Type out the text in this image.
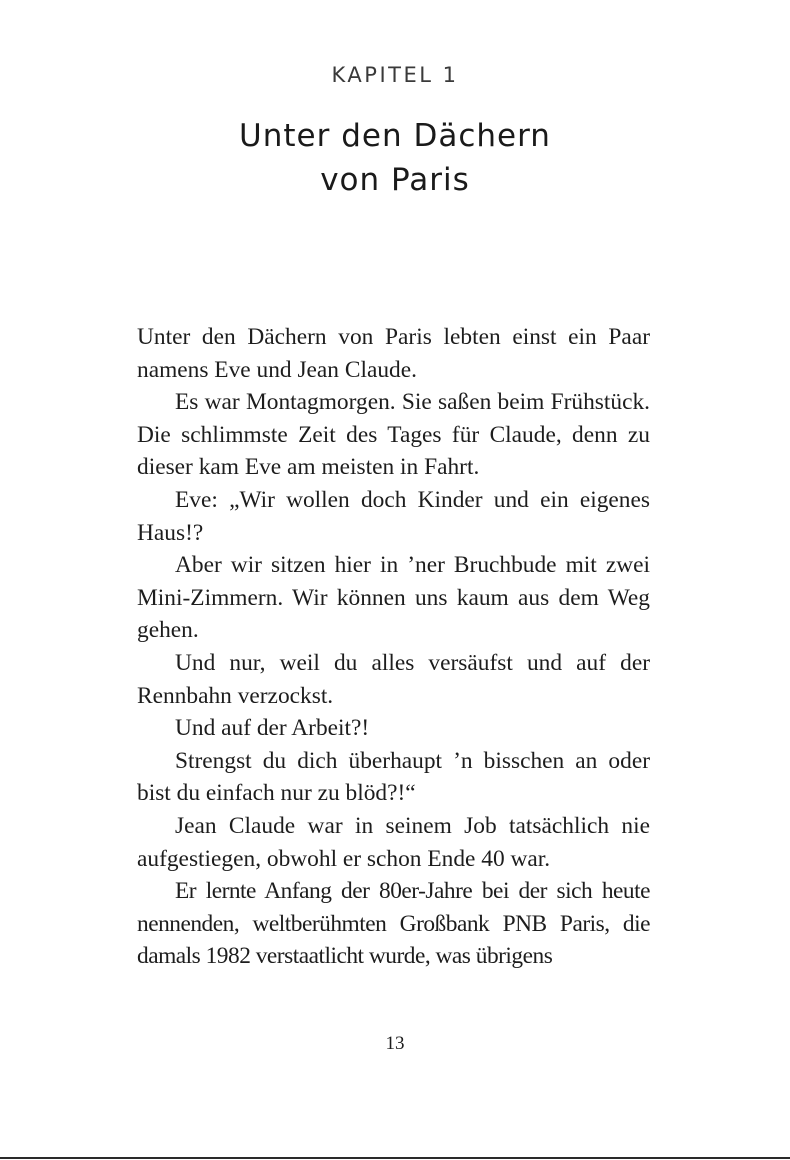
KAPITEL 1
Unter den Dächern
von Paris

Unter den Dächern von Paris lebten einst ein Paar namens Eve und Jean Claude.

Es war Montagmorgen. Sie saßen beim Frühstück. Die schlimmste Zeit des Tages für Claude, denn zu dieser kam Eve am meisten in Fahrt.

Eve: „Wir wollen doch Kinder und ein eigenes Haus!?

Aber wir sitzen hier in ’ner Bruchbude mit zwei Mini-Zimmern. Wir können uns kaum aus dem Weg gehen.

Und nur, weil du alles versäufst und auf der Rennbahn verzockst.

Und auf der Arbeit?!

Strengst du dich überhaupt ’n bisschen an oder bist du einfach nur zu blöd?!“

Jean Claude war in seinem Job tatsächlich nie aufgestiegen, obwohl er schon Ende 40 war.

Er lernte Anfang der 80er-Jahre bei der sich heute nennenden, weltberühmten Großbank PNB Paris, die damals 1982 verstaatlicht wurde, was übrigens

13
